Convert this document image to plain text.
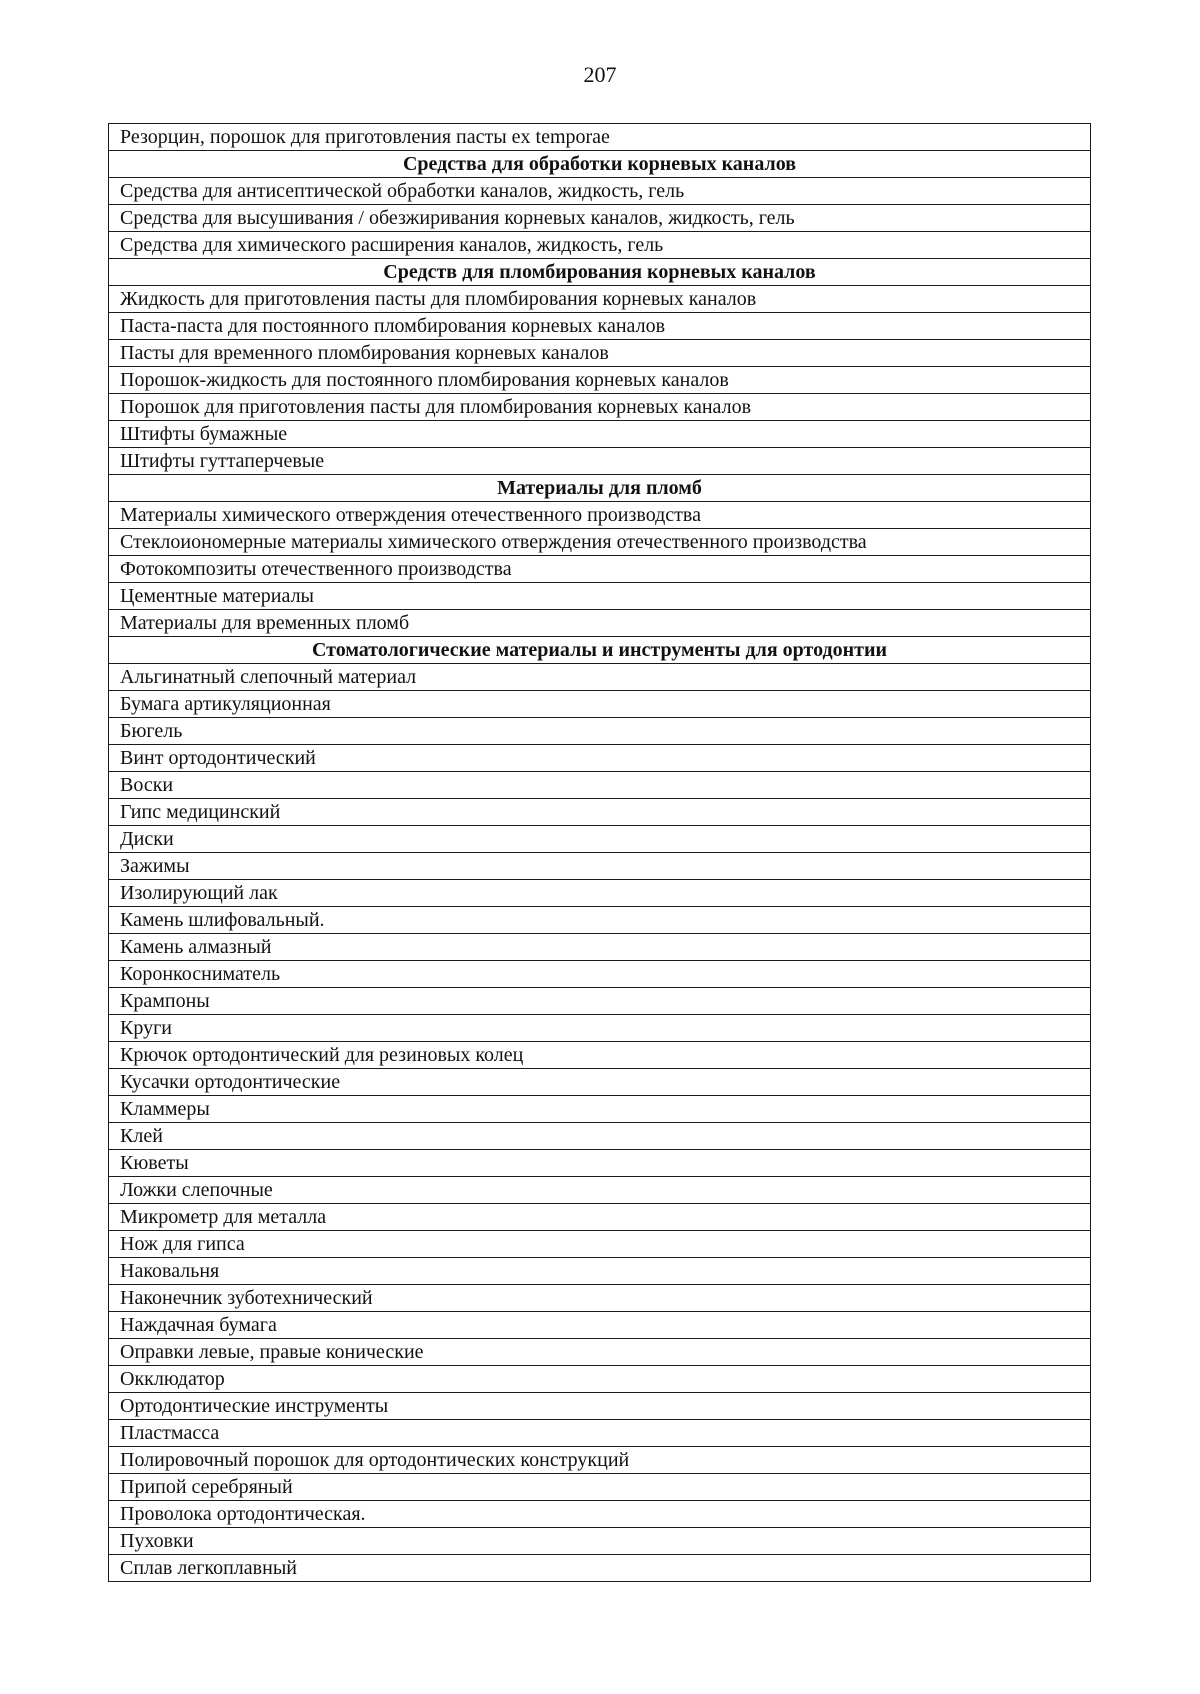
207
Резорцин, порошок для приготовления пасты ex temporae
Средства для обработки корневых каналов
Средства для антисептической обработки каналов, жидкость, гель
Средства для высушивания / обезжиривания корневых каналов, жидкость, гель
Средства для химического расширения каналов, жидкость, гель
Средств для пломбирования корневых каналов
Жидкость для приготовления пасты для пломбирования корневых каналов
Паста-паста для постоянного пломбирования корневых каналов
Пасты для временного пломбирования корневых каналов
Порошок-жидкость для постоянного пломбирования корневых каналов
Порошок для приготовления пасты для пломбирования корневых каналов
Штифты бумажные
Штифты гуттаперчевые
Материалы для пломб
Материалы химического отверждения отечественного производства
Стеклоиономерные материалы химического отверждения отечественного производства
Фотокомпозиты отечественного производства
Цементные материалы
Материалы для временных пломб
Стоматологические материалы и инструменты для ортодонтии
Альгинатный слепочный материал
Бумага артикуляционная
Бюгель
Винт ортодонтический
Воски
Гипс медицинский
Диски
Зажимы
Изолирующий лак
Камень шлифовальный.
Камень алмазный
Коронкосниматель
Крампоны
Круги
Крючок ортодонтический для резиновых колец
Кусачки ортодонтические
Кламмеры
Клей
Кюветы
Ложки слепочные
Микрометр для металла
Нож для гипса
Наковальня
Наконечник зуботехнический
Наждачная бумага
Оправки левые, правые конические
Окклюдатор
Ортодонтические инструменты
Пластмасса
Полировочный порошок для ортодонтических конструкций
Припой серебряный
Проволока ортодонтическая.
Пуховки
Сплав легкоплавный
